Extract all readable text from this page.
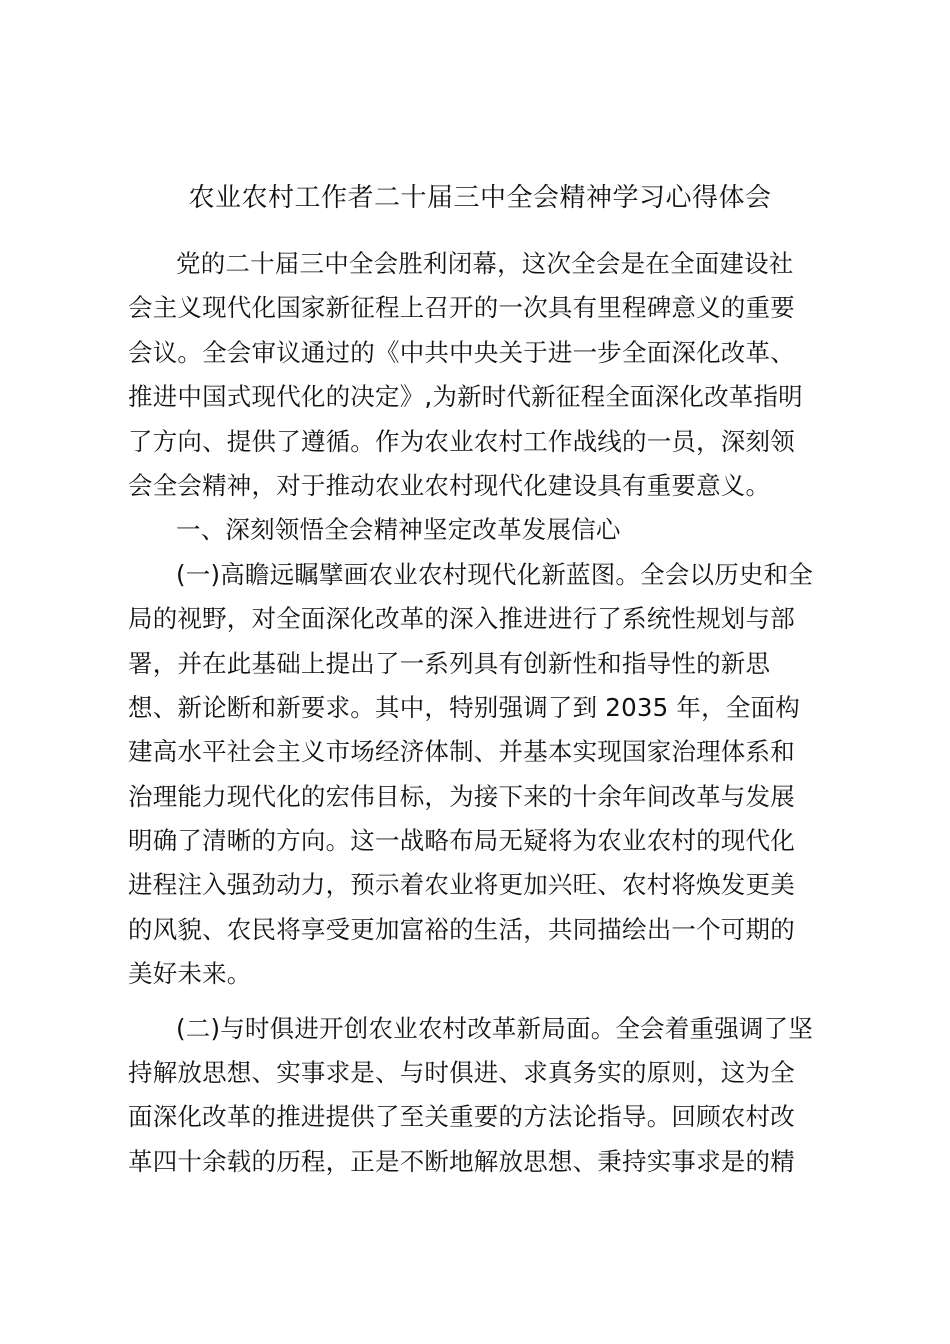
农业农村工作者二十届三中全会精神学习心得体会
党的二十届三中全会胜利闭幕，这次全会是在全面建设社
会主义现代化国家新征程上召开的一次具有里程碑意义的重要
会议。全会审议通过的《中共中央关于进一步全面深化改革、
推进中国式现代化的决定》,为新时代新征程全面深化改革指明
了方向、提供了遵循。作为农业农村工作战线的一员，深刻领
会全会精神，对于推动农业农村现代化建设具有重要意义。
一、深刻领悟全会精神坚定改革发展信心
(一)高瞻远瞩擘画农业农村现代化新蓝图。全会以历史和全
局的视野，对全面深化改革的深入推进进行了系统性规划与部
署，并在此基础上提出了一系列具有创新性和指导性的新思
想、新论断和新要求。其中，特别强调了到 2035 年，全面构
建高水平社会主义市场经济体制、并基本实现国家治理体系和
治理能力现代化的宏伟目标，为接下来的十余年间改革与发展
明确了清晰的方向。这一战略布局无疑将为农业农村的现代化
进程注入强劲动力，预示着农业将更加兴旺、农村将焕发更美
的风貌、农民将享受更加富裕的生活，共同描绘出一个可期的
美好未来。
(二)与时俱进开创农业农村改革新局面。全会着重强调了坚
持解放思想、实事求是、与时俱进、求真务实的原则，这为全
面深化改革的推进提供了至关重要的方法论指导。回顾农村改
革四十余载的历程，正是不断地解放思想、秉持实事求是的精
